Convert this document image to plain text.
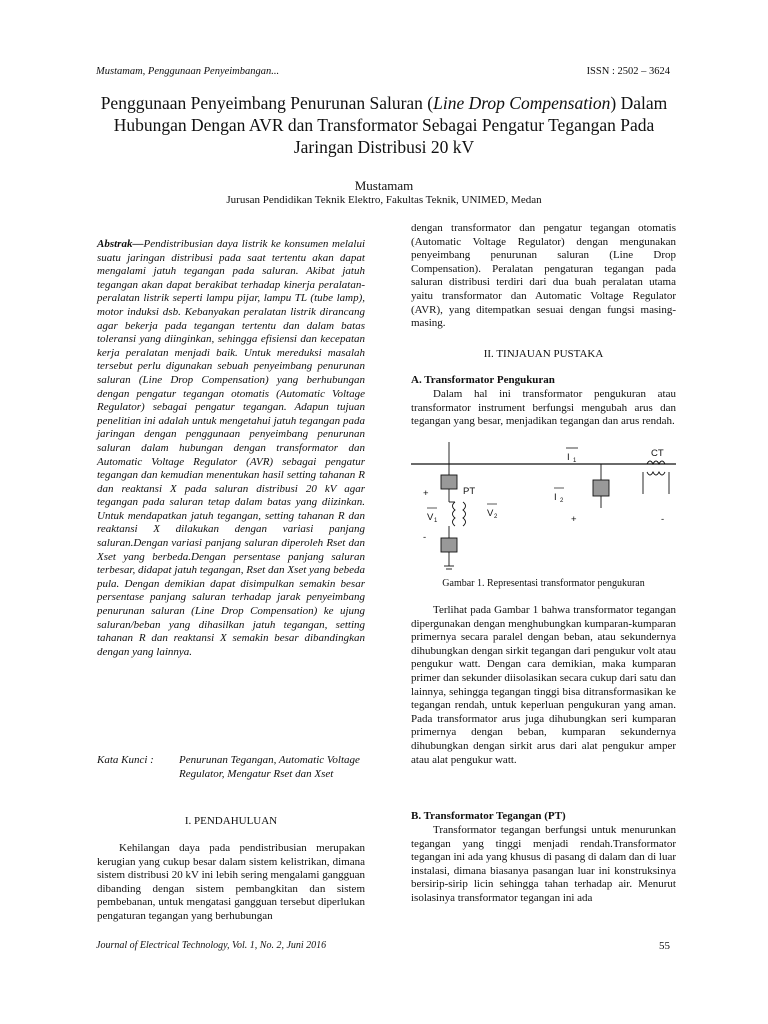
Mustamam, Penggunaan Penyeimbangan...	ISSN : 2502 – 3624
Penggunaan Penyeimbang Penurunan Saluran (Line Drop Compensation) Dalam Hubungan Dengan AVR dan Transformator Sebagai Pengatur Tegangan Pada Jaringan Distribusi 20 kV
Mustamam
Jurusan Pendidikan Teknik Elektro, Fakultas Teknik, UNIMED, Medan
Abstrak—Pendistribusian daya listrik ke konsumen melalui suatu jaringan distribusi pada saat tertentu akan dapat mengalami jatuh tegangan pada saluran. Akibat jatuh tegangan akan dapat berakibat terhadap kinerja peralatan-peralatan listrik seperti lampu pijar, lampu TL (tube lamp), motor induksi dsb. Kebanyakan peralatan listrik dirancang agar bekerja pada tegangan tertentu dan dalam batas toleransi yang diinginkan, sehingga efisiensi dan kecepatan kerja peralatan menjadi baik. Untuk mereduksi masalah tersebut perlu digunakan sebuah penyeimbang penurunan saluran (Line Drop Compensation) yang berhubungan dengan pengatur tegangan otomatis (Automatic Voltage Regulator) sebagai pengatur tegangan. Adapun tujuan penelitian ini adalah untuk mengetahui jatuh tegangan pada jaringan dengan penggunaan penyeimbang penurunan saluran dalam hubungan dengan transformator dan Automatic Voltage Regulator (AVR) sebagai pengatur tegangan dan kemudian menentukan hasil setting tahanan R dan reaktansi X pada saluran distribusi 20 kV agar tegangan pada saluran tetap dalam batas yang diizinkan. Untuk mendapatkan jatuh tegangan, setting tahanan R dan reaktansi X dilakukan dengan variasi panjang saluran.Dengan variasi panjang saluran diperoleh Rset dan Xset yang berbeda.Dengan persentase panjang saluran terbesar, didapat jatuh tegangan, Rset dan Xset yang bebeda pula. Dengan demikian dapat disimpulkan semakin besar persentase panjang saluran terhadap jarak penyeimbang penurunan saluran (Line Drop Compensation) ke ujung saluran/beban yang dihasilkan jatuh tegangan, setting tahanan R dan reaktansi X semakin besar dibandingkan dengan yang lainnya.
Kata Kunci :	Penurunan Tegangan, Automatic Voltage Regulator, Mengatur Rset dan Xset
I. PENDAHULUAN
Kehilangan daya pada pendistribusian merupakan kerugian yang cukup besar dalam sistem kelistrikan, dimana sistem distribusi 20 kV ini lebih sering mengalami gangguan dibanding dengan sistem pembangkitan dan sistem pembebanan, untuk mengatasi gangguan tersebut diperlukan pengaturan tegangan yang berhubungan
dengan transformator dan pengatur tegangan otomatis (Automatic Voltage Regulator) dengan mengunakan penyeimbang penurunan saluran (Line Drop Compensation). Peralatan pengaturan tegangan pada saluran distribusi terdiri dari dua buah peralatan utama yaitu transformator dan Automatic Voltage Regulator (AVR), yang ditempatkan sesuai dengan fungsi masing-masing.
II. TINJAUAN PUSTAKA
A. Transformator Pengukuran
Dalam hal ini transformator pengukuran atau transformator instrument berfungsi mengubah arus dan tegangan yang besar, menjadikan tegangan dan arus rendah.
I 1
CT
PT
+
V 1
-
V 2
I 2
+	-
Gambar 1. Representasi transformator pengukuran
Terlihat pada Gambar 1 bahwa transformator tegangan dipergunakan dengan menghubungkan kumparan-kumparan primernya secara paralel dengan beban, atau sekundernya dihubungkan dengan sirkit tegangan dari pengukur volt atau pengukur watt. Dengan cara demikian, maka kumparan primer dan sekunder diisolasikan secara cukup dari satu dan lainnya, sehingga tegangan tinggi bisa ditransformasikan ke tegangan rendah, untuk keperluan pengukuran yang aman. Pada transformator arus juga dihubungkan seri kumparan primernya dengan beban, kumparan sekundernya dihubungkan dengan sirkit arus dari alat pengukur amper atau alat pengukur watt.
B. Transformator Tegangan (PT)
Transformator tegangan berfungsi untuk menurunkan tegangan yang tinggi menjadi rendah.Transformator tegangan ini ada yang khusus di pasang di dalam dan di luar instalasi, dimana biasanya pasangan luar ini konstruksinya bersirip-sirip licin sehingga tahan terhadap air. Menurut isolasinya transformator tegangan ini ada
Journal of Electrical Technology, Vol. 1, No. 2, Juni 2016	55
